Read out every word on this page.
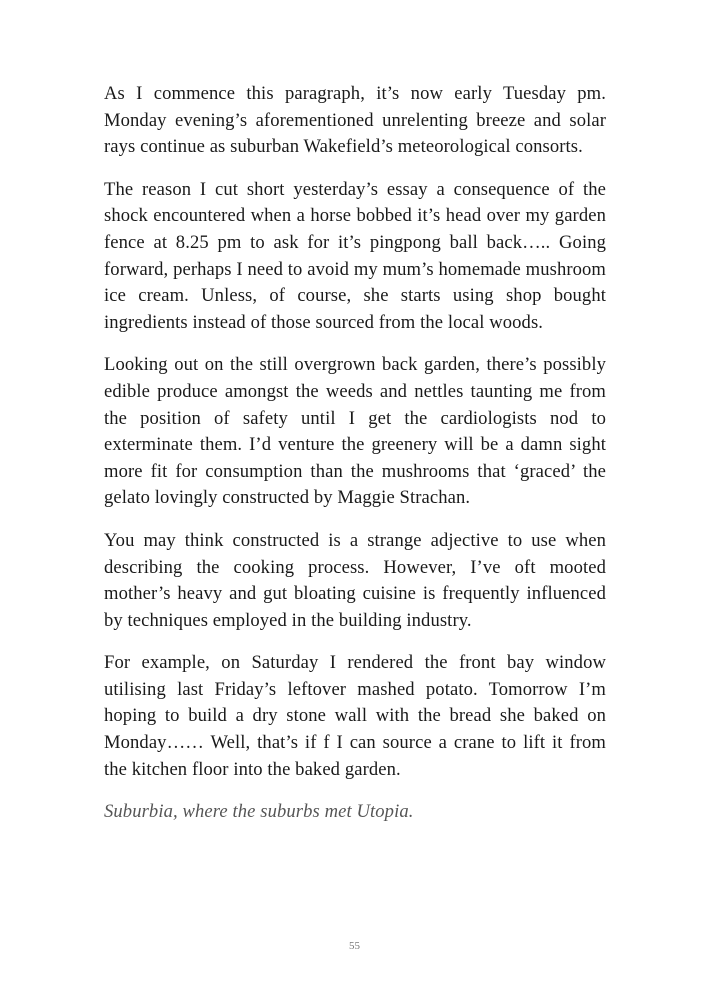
As I commence this paragraph, it’s now early Tuesday pm. Monday evening’s aforementioned unrelenting breeze and solar rays continue as suburban Wakefield’s meteorological consorts.

The reason I cut short yesterday’s essay a consequence of the shock encountered when a horse bobbed it’s head over my garden fence at 8.25 pm to ask for it’s pingpong ball back….. Going forward, perhaps I need to avoid my mum’s homemade mushroom ice cream. Unless, of course, she starts using shop bought ingredients instead of those sourced from the local woods.

Looking out on the still overgrown back garden, there’s possibly edible produce amongst the weeds and nettles taunting me from the position of safety until I get the cardiologists nod to exterminate them. I’d venture the greenery will be a damn sight more fit for consumption than the mushrooms that ‘graced’ the gelato lovingly constructed by Maggie Strachan.

You may think constructed is a strange adjective to use when describing the cooking process. However, I’ve oft mooted mother’s heavy and gut bloating cuisine is frequently influenced by techniques employed in the building industry.

For example, on Saturday I rendered the front bay window utilising last Friday’s leftover mashed potato. Tomorrow I’m hoping to build a dry stone wall with the bread she baked on Monday…… Well, that’s if f I can source a crane to lift it from the kitchen floor into the baked garden.

Suburbia, where the suburbs met Utopia.

55
